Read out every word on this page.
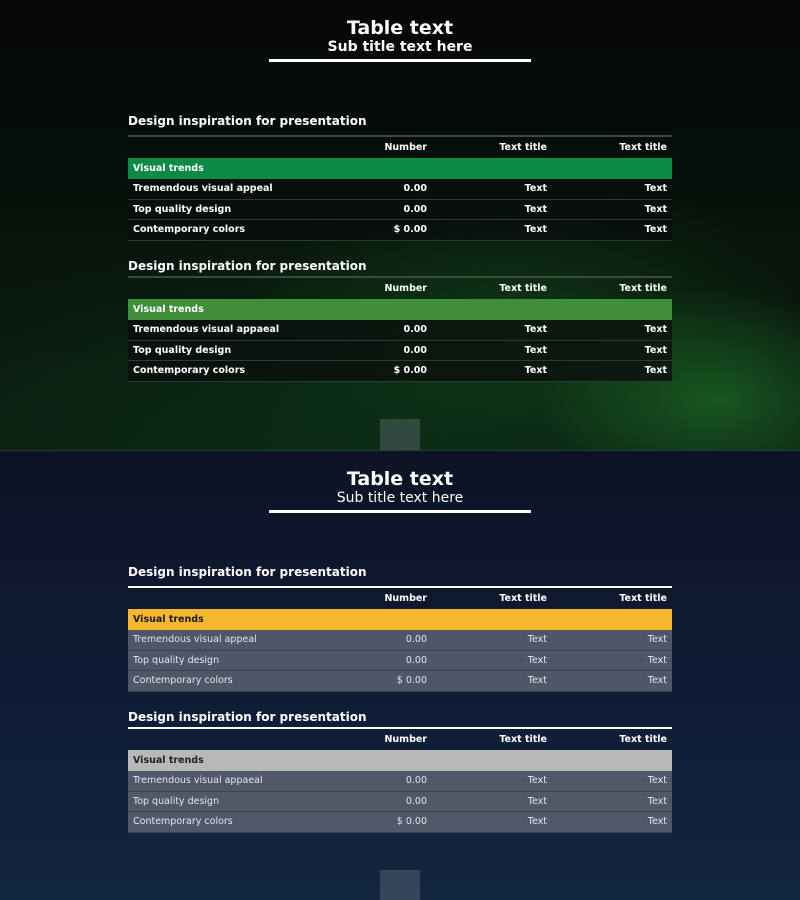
Table text
Sub title text here
Design inspiration for presentation
	Number	Text title	Text title
Visual trends			
Tremendous visual appeal	0.00	Text	Text
Top quality design	0.00	Text	Text
Contemporary colors	$ 0.00	Text	Text
Design inspiration for presentation
	Number	Text title	Text title
Visual trends			
Tremendous visual appaeal	0.00	Text	Text
Top quality design	0.00	Text	Text
Contemporary colors	$ 0.00	Text	Text
Table text
Sub title text here
Design inspiration for presentation
	Number	Text title	Text title
Visual trends			
Tremendous visual appeal	0.00	Text	Text
Top quality design	0.00	Text	Text
Contemporary colors	$ 0.00	Text	Text
Design inspiration for presentation
	Number	Text title	Text title
Visual trends			
Tremendous visual appaeal	0.00	Text	Text
Top quality design	0.00	Text	Text
Contemporary colors	$ 0.00	Text	Text
